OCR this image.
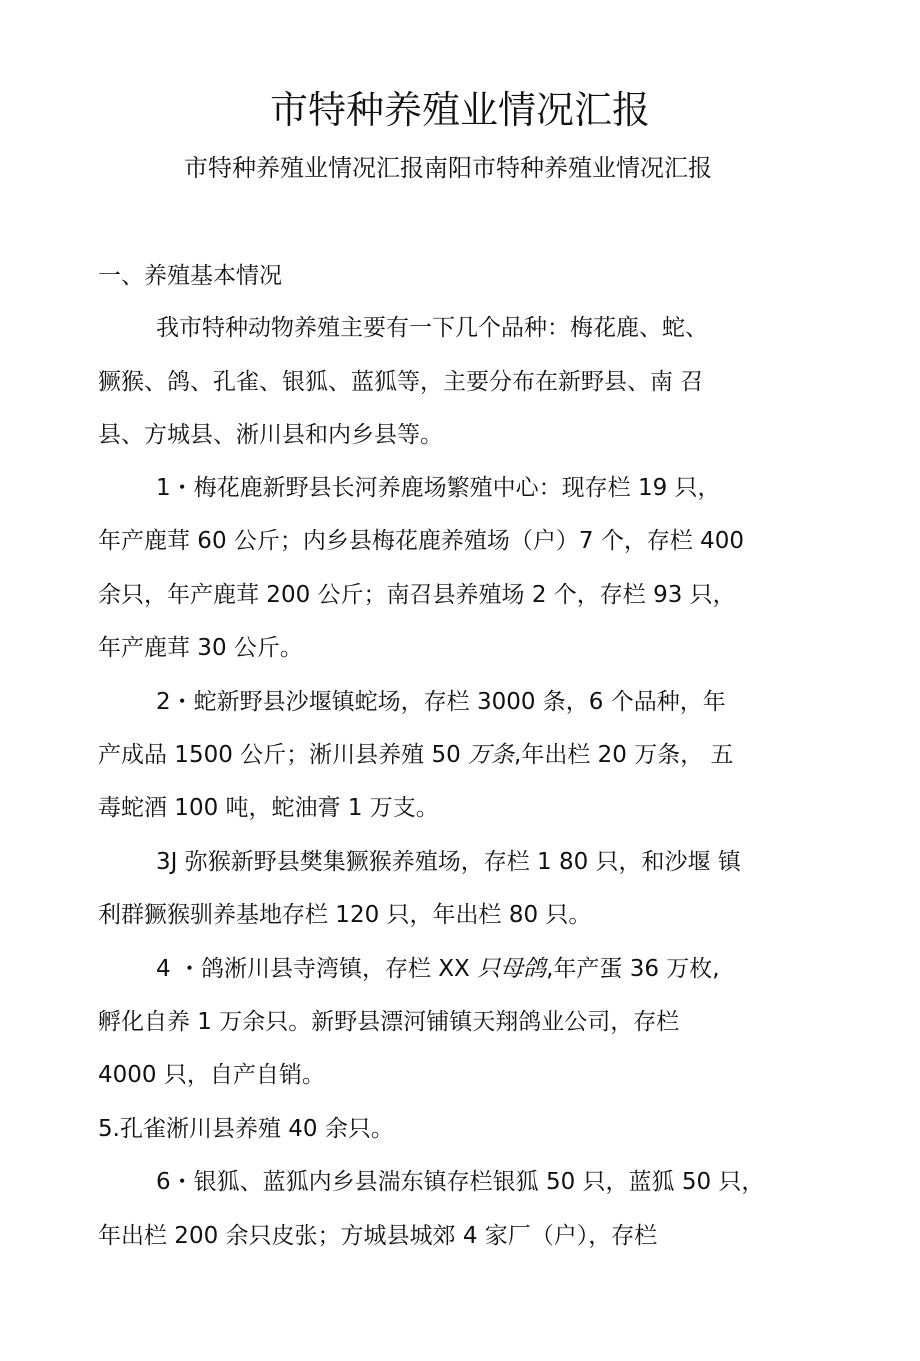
市特种养殖业情况汇报
市特种养殖业情况汇报南阳市特种养殖业情况汇报
一、养殖基本情况
我市特种动物养殖主要有一下几个品种：梅花鹿、蛇、
獗猴、鸽、孔雀、银狐、蓝狐等，主要分布在新野县、南 召
县、方城县、淅川县和内乡县等。
1・梅花鹿新野县长河养鹿场繁殖中心：现存栏 19 只，
年产鹿茸 60 公斤；内乡县梅花鹿养殖场（户）7 个，存栏 400
余只，年产鹿茸 200 公斤；南召县养殖场 2 个，存栏 93 只，
年产鹿茸 30 公斤。
2・蛇新野县沙堰镇蛇场，存栏 3000 条，6 个品种，年
产成品 1500 公斤；淅川县养殖 50 万条,年出栏 20 万条， 五
毒蛇酒 100 吨，蛇油膏 1 万支。
3J 弥猴新野县樊集獗猴养殖场，存栏 1 80 只，和沙堰 镇
利群獗猴驯养基地存栏 120 只，年出栏 80 只。
4 ・鸽淅川县寺湾镇，存栏 XX 只母鸽,年产蛋 36 万枚,
孵化自养 1 万余只。新野县漂河铺镇天翔鸽业公司，存栏
4000 只，自产自销。
5.孔雀淅川县养殖 40 余只。
6・银狐、蓝狐内乡县湍东镇存栏银狐 50 只，蓝狐 50 只，
年出栏 200 余只皮张；方城县城郊 4 家厂（户），存栏
